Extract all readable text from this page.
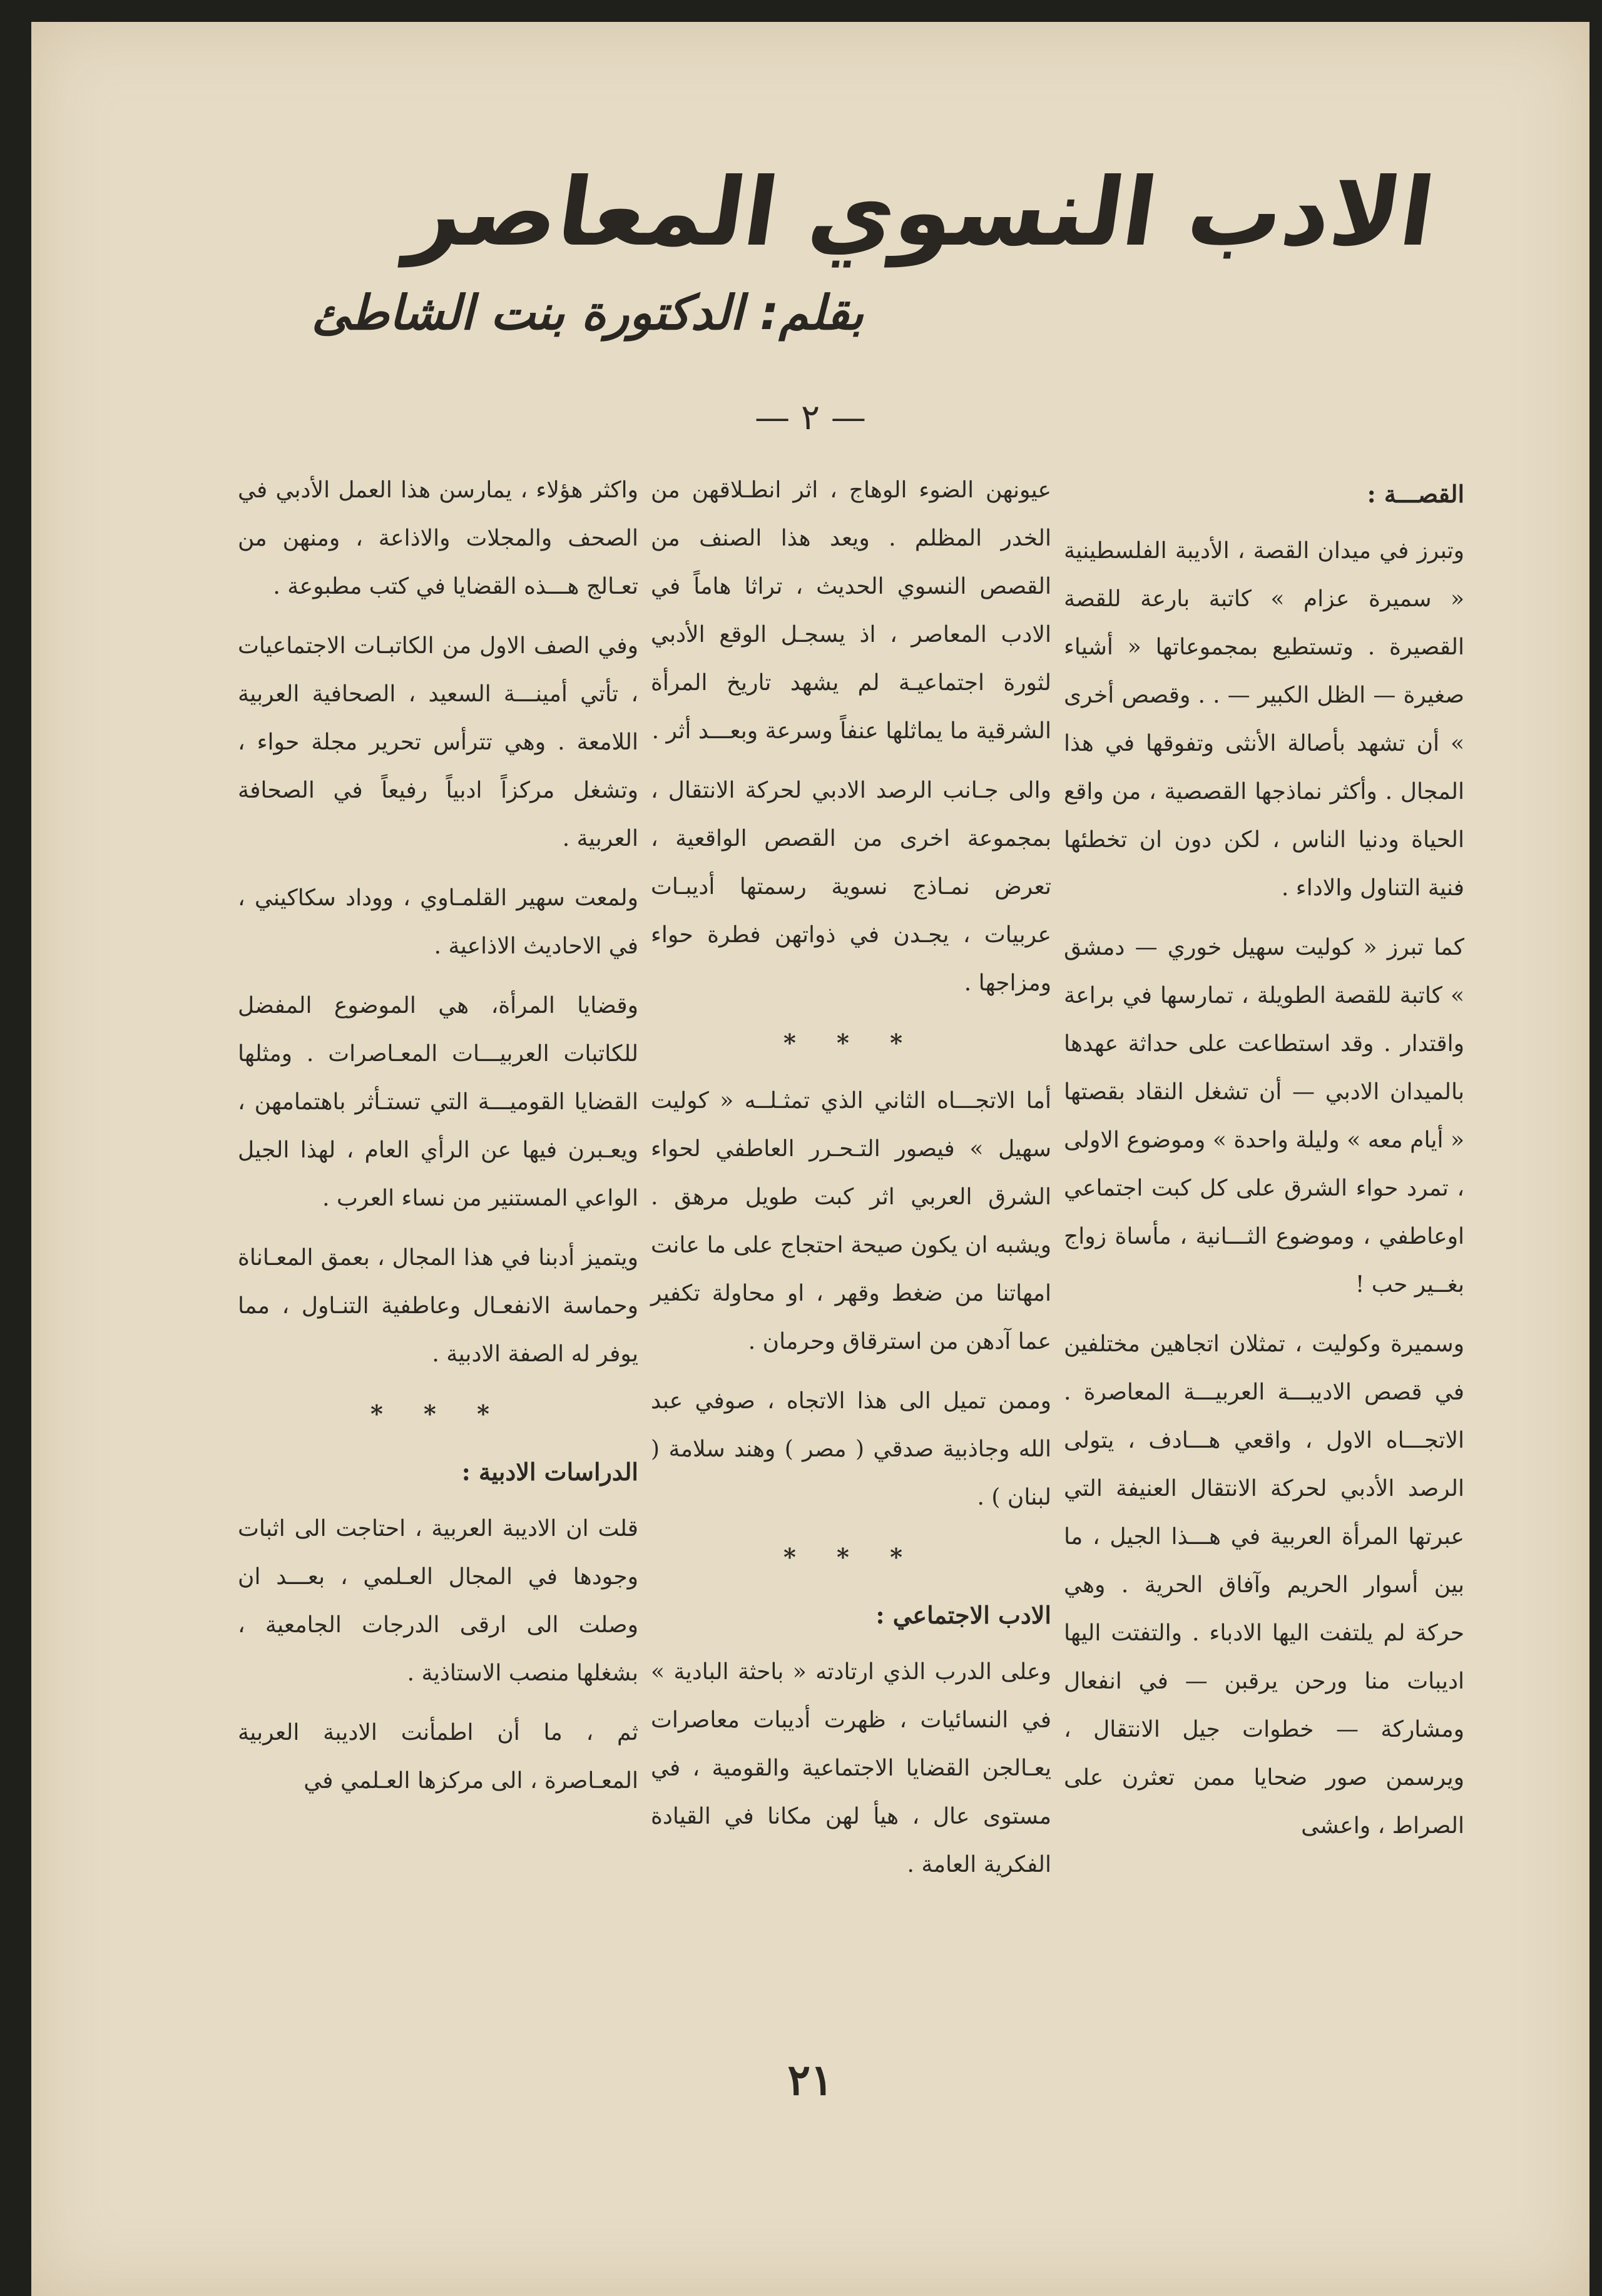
الادب النسوي المعاصر
بقلم: الدكتورة بنت الشاطئ
— ٢ —
القصـــة :

وتبرز في ميدان القصة ، الأديبة الفلسطينية « سميرة عزام » كاتبة بارعة للقصة القصيرة . وتستطيع بمجموعاتها « أشياء صغيرة — الظل الكبير — . . وقصص أخرى » أن تشهد بأصالة الأنثى وتفوقها في هذا المجال . وأكثر نماذجها القصصية ، من واقع الحياة ودنيا الناس ، لكن دون ان تخطئها فنية التناول والاداء .

كما تبرز « كوليت سهيل خوري — دمشق » كاتبة للقصة الطويلة ، تمارسها في براعة واقتدار . وقد استطاعت على حداثة عهدها بالميدان الادبي — أن تشغل النقاد بقصتها « أيام معه » وليلة واحدة » وموضوع الاولى ، تمرد حواء الشرق على كل كبت اجتماعي اوعاطفي ، وموضوع الثـــانية ، مأساة زواج بغــير حب !

وسميرة وكوليت ، تمثلان اتجاهين مختلفين في قصص الاديبـــة العربيـــة المعاصرة . الاتجـــاه الاول ، واقعي هـــادف ، يتولى الرصد الأدبي لحركة الانتقال العنيفة التي عبرتها المرأة العربية في هـــذا الجيل ، ما بين أسوار الحريم وآفاق الحرية . وهي حركة لم يلتفت اليها الادباء . والتفتت اليها اديبات منا ورحن يرقبن — في انفعال ومشاركة — خطوات جيل الانتقال ، ويرسمن صور ضحايا ممن تعثرن على الصراط ، واعشى

عيونهن الضوء الوهاج ، اثر انطـلاقهن من الخدر المظلم . ويعد هذا الصنف من القصص النسوي الحديث ، تراثا هاماً في الادب المعاصر ، اذ يسجـل الوقع الأدبي لثورة اجتماعيـة لم يشهد تاريخ المرأة الشرقية ما يماثلها عنفاً وسرعة وبعـــد أثر .

والى جـانب الرصد الادبي لحركة الانتقال ، بمجموعة اخرى من القصص الواقعية ، تعرض نمـاذج نسوية رسمتها أديبـات عربيات ، يجـدن في ذواتهن فطرة حواء ومزاجها .

* * *

أما الاتجـــاه الثاني الذي تمثـلــه « كوليت سهيل » فيصور التـحـرر العاطفي لحواء الشرق العربي اثر كبت طويل مرهق . ويشبه ان يكون صيحة احتجاج على ما عانت امهاتنا من ضغط وقهر ، او محاولة تكفير عما آدهن من استرقاق وحرمان .

وممن تميل الى هذا الاتجاه ، صوفي عبد الله وجاذبية صدقي ( مصر ) وهند سلامة ( لبنان ) .

* * *
الادب الاجتماعي :

وعلى الدرب الذي ارتادته « باحثة البادية » في النسائيات ، ظهرت أديبات معاصرات يعـالجن القضايا الاجتماعية والقومية ، في مستوى عال ، هيأ لهن مكانا في القيادة الفكرية العامة .

واكثر هؤلاء ، يمارسن هذا العمل الأدبي في الصحف والمجلات والاذاعة ، ومنهن من تعـالج هـــذه القضايا في كتب مطبوعة .

وفي الصف الاول من الكاتبـات الاجتماعيات ، تأتي أمينـــة السعيد ، الصحافية العربية اللامعة . وهي تترأس تحرير مجلة حواء ، وتشغل مركزاً ادبياً رفيعاً في الصحافة العربية .

ولمعت سهير القلمـاوي ، ووداد سكاكيني ، في الاحاديث الاذاعية .

وقضايا المرأة، هي الموضوع المفضل للكاتبات العربيـــات المعـاصرات . ومثلها القضايا القوميـــة التي تستـأثر باهتمامهن ، ويعـبرن فيها عن الرأي العام ، لهذا الجيل الواعي المستنير من نساء العرب .

ويتميز أدبنا في هذا المجال ، بعمق المعـاناة وحماسة الانفعـال وعاطفية التنـاول ، مما يوفر له الصفة الادبية .

* * *
الدراسات الادبية :

قلت ان الاديبة العربية ، احتاجت الى اثبات وجودها في المجال العـلمي ، بعـــد ان وصلت الى ارقى الدرجات الجامعية ، بشغلها منصب الاستاذية .

ثم ، ما أن اطمأنت الاديبة العربية المعـاصرة ، الى مركزها العـلمي في

٢١
